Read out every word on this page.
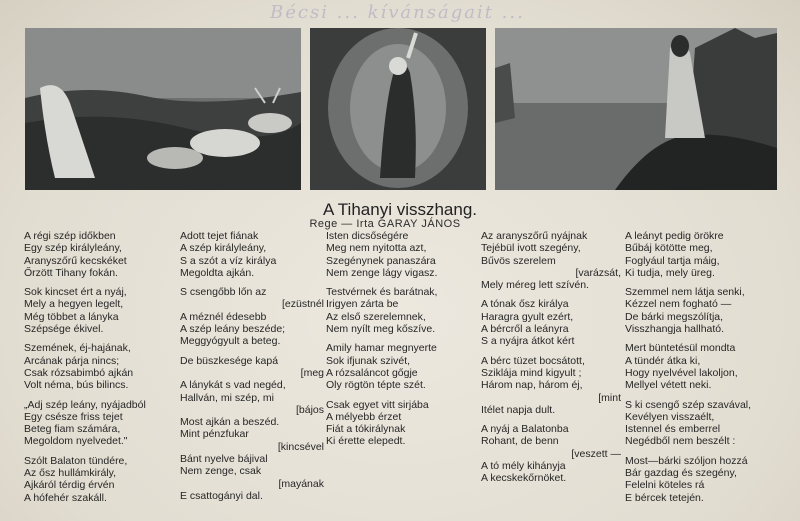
Bécsi ... kívánságait ...
A Tihanyi visszhang.
Rege — Irta GARAY JÁNOS
A régi szép időkben
Egy szép királyleány,
Aranyszőrű kecskéket
Őrzött Tihany fokán.
Sok kincset ért a nyáj,
Mely a hegyen legelt,
Még többet a lányka
Szépsége ékivel.
Szemének, éj-hajának,
Arcának párja nincs;
Csak rózsabimbó ajkán
Volt néma, bús bilincs.
„Adj szép leány, nyájadból
Egy csésze friss tejet
Beteg fiam számára,
Megoldom nyelvedet."
Szólt Balaton tündére,
Az ősz hullámkirály,
Ajkáról térdig érvén
A hófehér szakáll.
Adott tejet fiának
A szép királyleány,
S a szót a víz királya
Megoldta ajkán.
S csengőbb lőn az
[ezüstnél
A méznél édesebb
A szép leány beszéde;
Meggyógyult a beteg.
De büszkesége kapá
[meg
A lánykát s vad negéd,
Hallván, mi szép, mi
[bájos
Most ajkán a beszéd.
Mint pénzfukar
[kincsével
Bánt nyelve bájival
Nem zenge, csak
[mayának
E csattogányi dal.
Isten dicsőségére
Meg nem nyitotta azt,
Szegénynek panaszára
Nem zenge lágy vigasz.
Testvérnek és barátnak,
Irigyen zárta be
Az első szerelemnek,
Nem nyílt meg kőszíve.
Amily hamar megnyerte
Sok ifjunak szivét,
A rózsaláncot gőgje
Oly rögtön tépte szét.
Csak egyet vitt sirjába
A mélyebb érzet
Fiát a tókirálynak
Ki érette elepedt.
Az aranyszőrű nyájnak
Tejébül ivott szegény,
Bűvös szerelem
[varázsát,
Mely méreg lett szívén.
A tónak ősz királya
Haragra gyult ezért,
A bércről a leányra
S a nyájra átkot kért
A bérc tüzet bocsátott,
Sziklája mind kigyult ;
Három nap, három éj,
[mint
Itélet napja dult.
A nyáj a Balatonba
Rohant, de benn
[veszett —
A tó mély kihányja
A kecskekőrnöket.
A leányt pedig örökre
Bűbáj kötötte meg,
Foglyául tartja máig,
Ki tudja, mely üreg.
Szemmel nem látja senki,
Kézzel nem fogható —
De bárki megszólítja,
Visszhangja hallható.
Mert büntetésül mondta
A tündér átka ki,
Hogy nyelvével lakoljon,
Mellyel vétett neki.
S ki csengő szép szavával,
Kevélyen visszaélt,
Istennel és emberrel
Negédből nem beszélt :
Most—bárki szóljon hozzá
Bár gazdag és szegény,
Felelni köteles rá
E bércek tetején.
